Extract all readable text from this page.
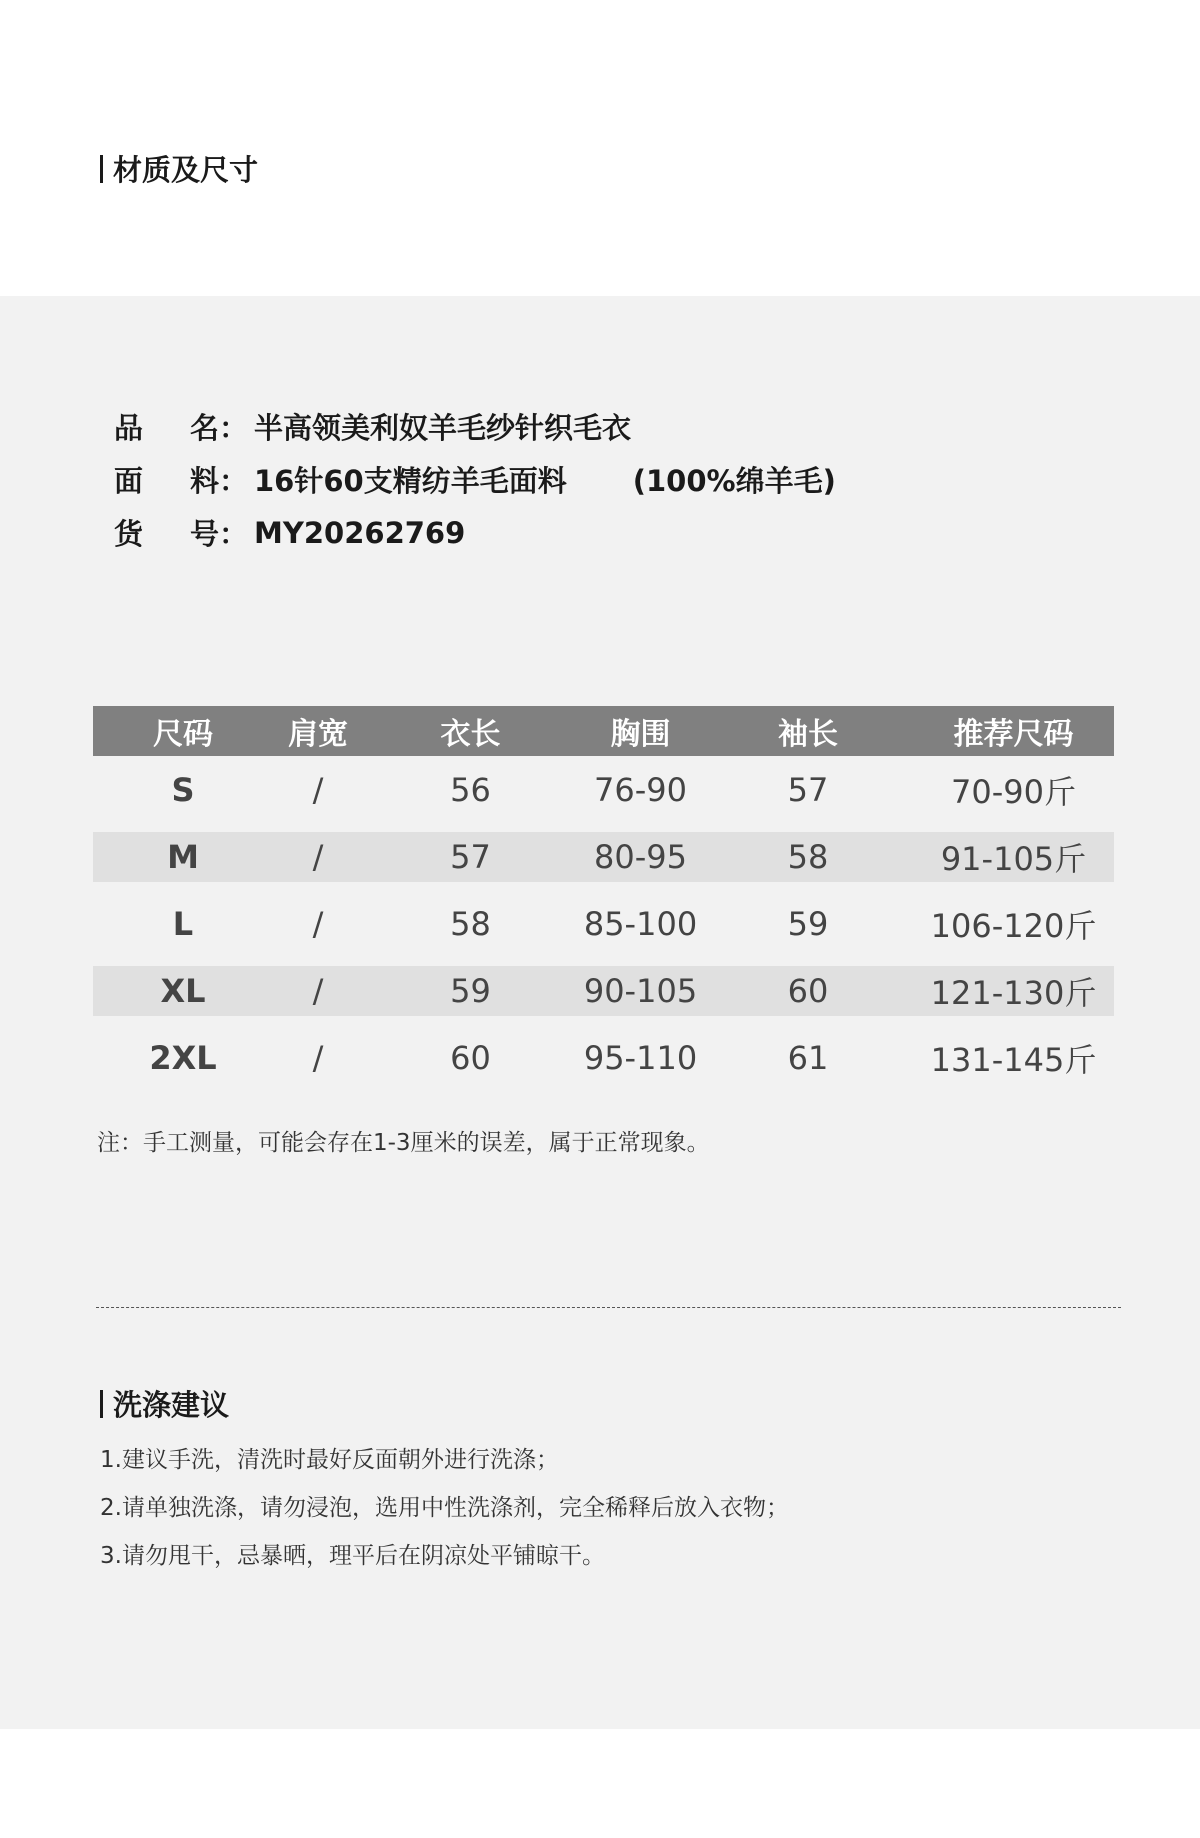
材质及尺寸
品 名： 半高领美利奴羊毛纱针织毛衣
面 料： 16针60支精纺羊毛面料 (100%绵羊毛)
货 号： MY20262769
尺码	肩宽	衣长	胸围	袖长	推荐尺码
S	/	56	76-90	57	70-90斤
M	/	57	80-95	58	91-105斤
L	/	58	85-100	59	106-120斤
XL	/	59	90-105	60	121-130斤
2XL	/	60	95-110	61	131-145斤
注：手工测量，可能会存在1-3厘米的误差，属于正常现象。
洗涤建议
1.建议手洗，清洗时最好反面朝外进行洗涤；
2.请单独洗涤，请勿浸泡，选用中性洗涤剂，完全稀释后放入衣物；
3.请勿甩干，忌暴晒，理平后在阴凉处平铺晾干。
